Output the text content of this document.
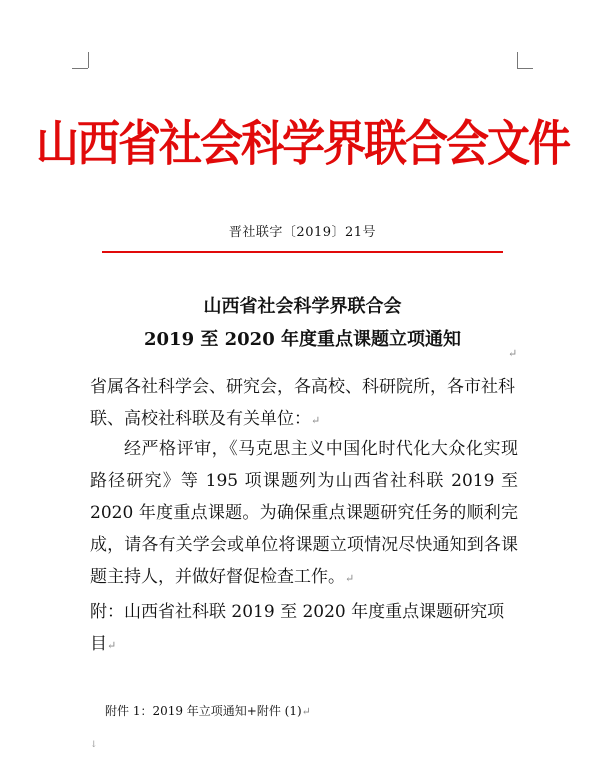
山西省社会科学界联合会文件
晋社联字〔2019〕21号
山西省社会科学界联合会
2019 至 2020 年度重点课题立项通知
↵

省属各社科学会、研究会，各高校、科研院所，各市社科联、高校社科联及有关单位：↵

经严格评审，《马克思主义中国化时代化大众化实现路径研究》等 195 项课题列为山西省社科联 2019 至 2020 年度重点课题。为确保重点课题研究任务的顺利完成，请各有关学会或单位将课题立项情况尽快通知到各课题主持人，并做好督促检查工作。↵

附：山西省社科联 2019 至 2020 年度重点课题研究项目↵

附件 1：2019 年立项通知+附件 (1)↵
↓
